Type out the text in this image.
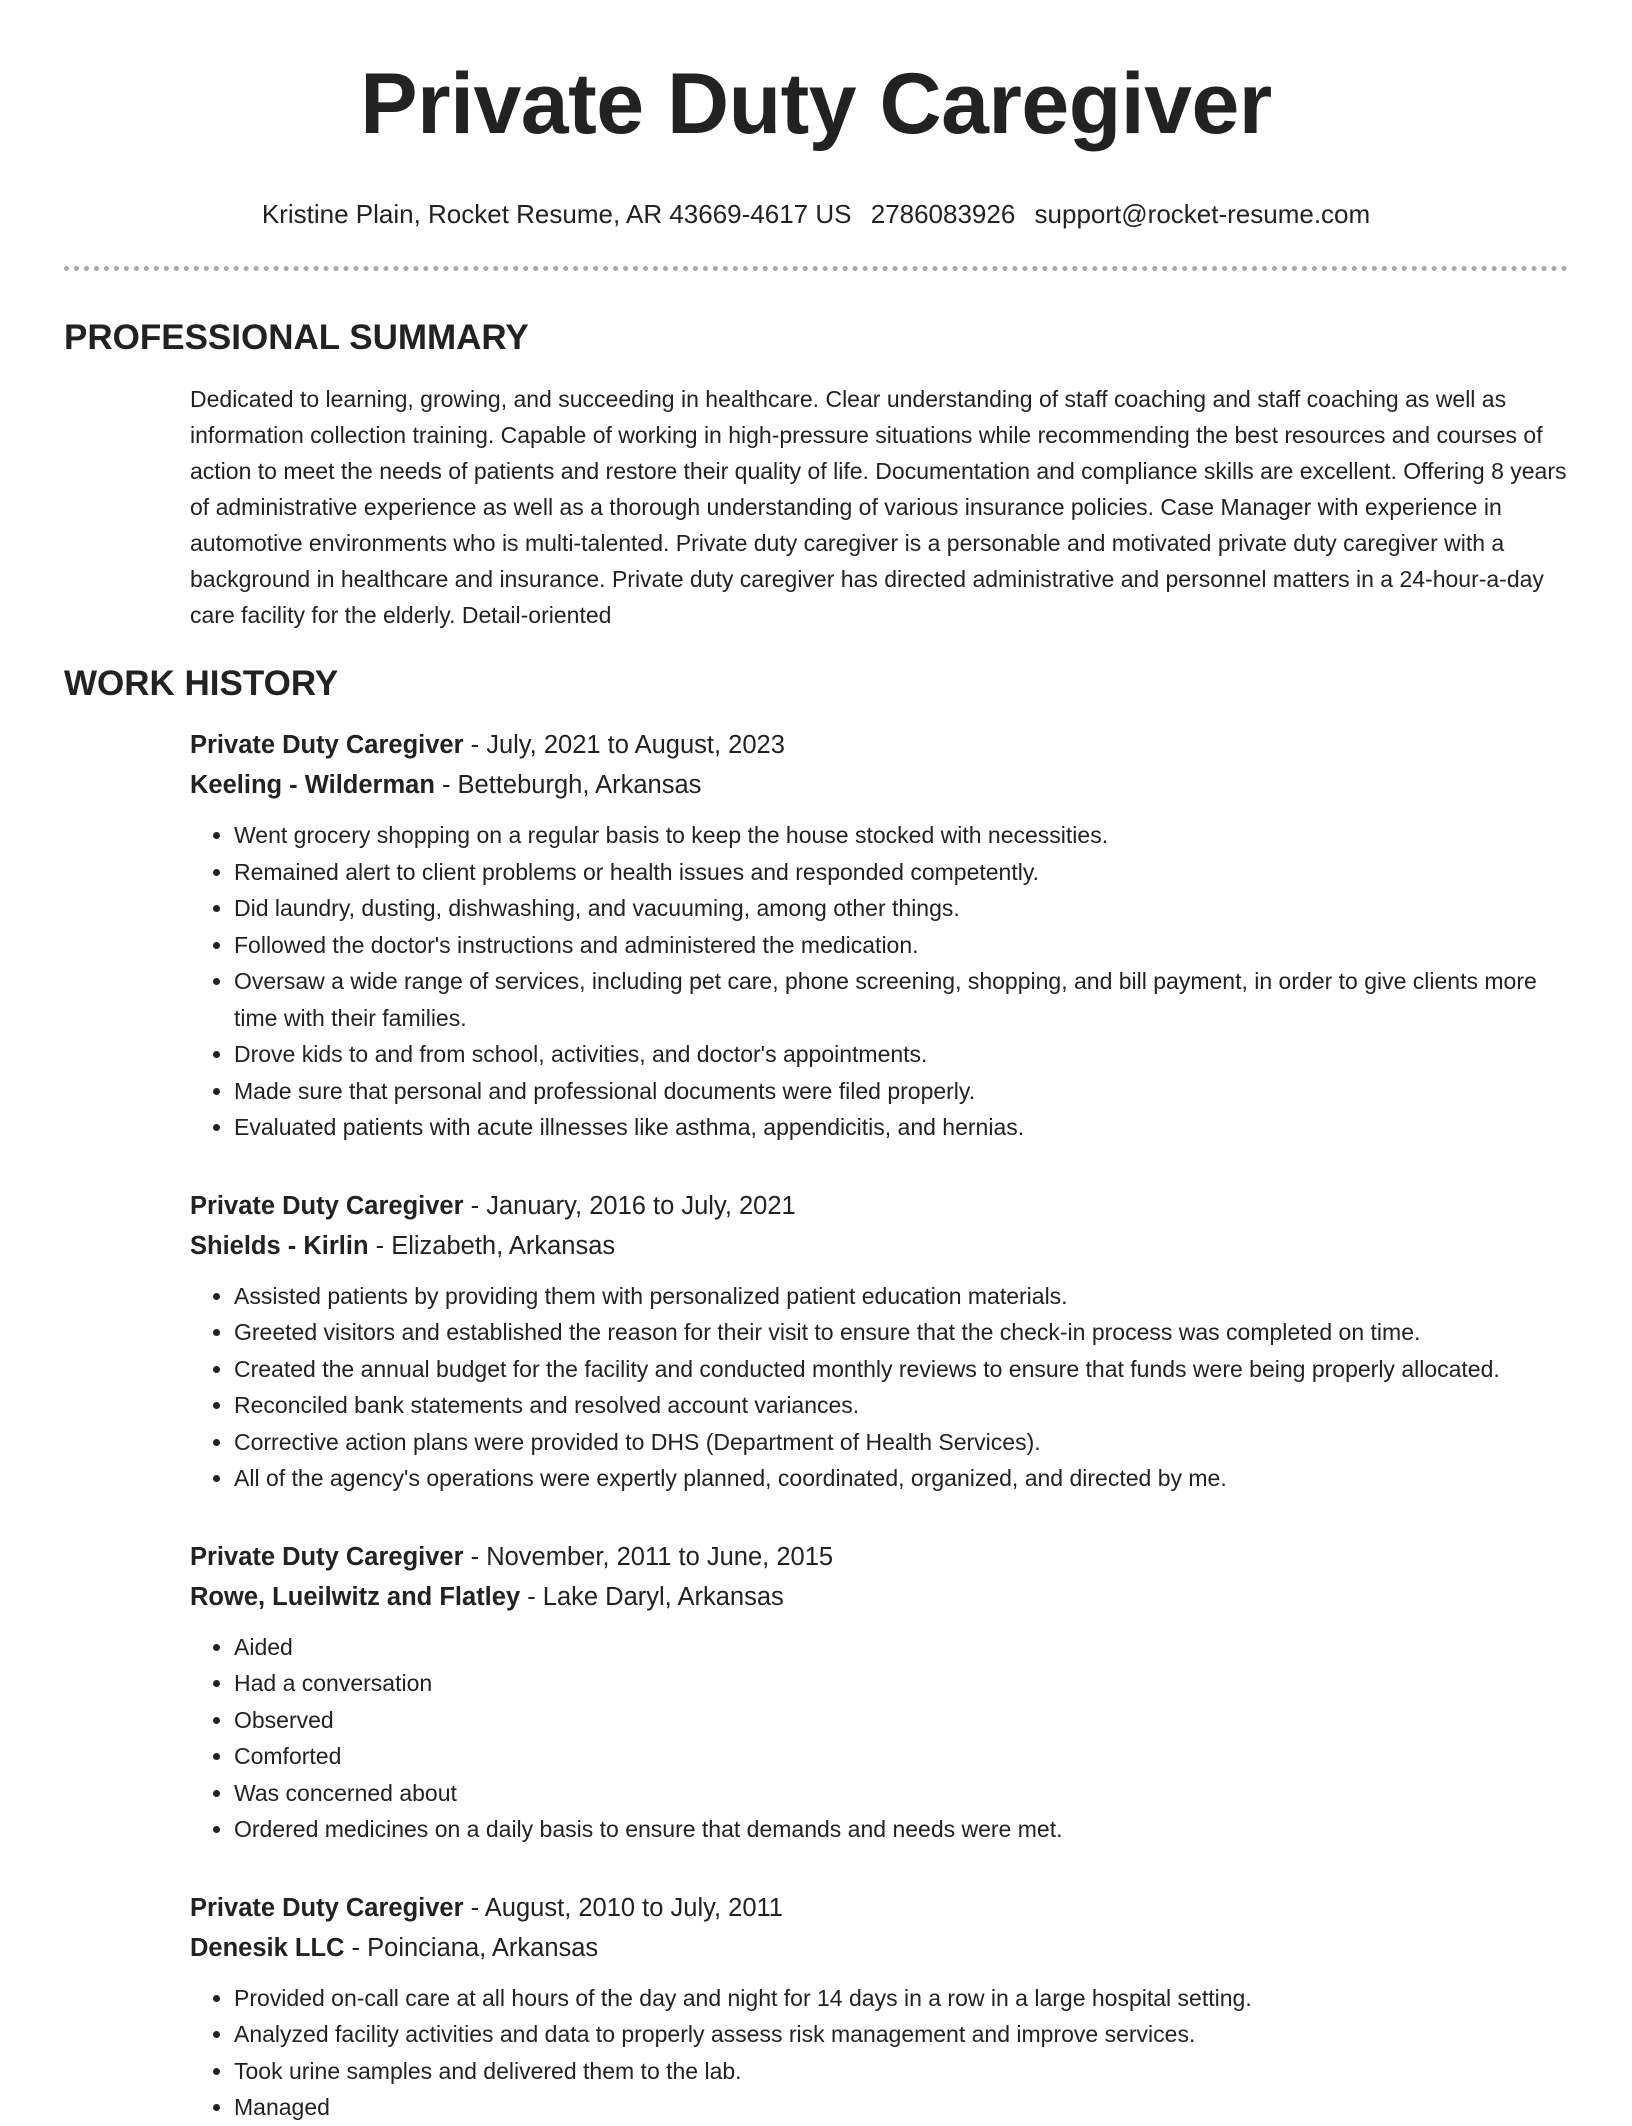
Private Duty Caregiver
Kristine Plain, Rocket Resume, AR 43669-4617 US 2786083926 support@rocket-resume.com
PROFESSIONAL SUMMARY
Dedicated to learning, growing, and succeeding in healthcare. Clear understanding of staff coaching and staff coaching as well as information collection training. Capable of working in high-pressure situations while recommending the best resources and courses of action to meet the needs of patients and restore their quality of life. Documentation and compliance skills are excellent. Offering 8 years of administrative experience as well as a thorough understanding of various insurance policies. Case Manager with experience in automotive environments who is multi-talented. Private duty caregiver is a personable and motivated private duty caregiver with a background in healthcare and insurance. Private duty caregiver has directed administrative and personnel matters in a 24-hour-a-day care facility for the elderly. Detail-oriented
WORK HISTORY
Private Duty Caregiver - July, 2021 to August, 2023
Keeling - Wilderman - Betteburgh, Arkansas
• Went grocery shopping on a regular basis to keep the house stocked with necessities.
• Remained alert to client problems or health issues and responded competently.
• Did laundry, dusting, dishwashing, and vacuuming, among other things.
• Followed the doctor's instructions and administered the medication.
• Oversaw a wide range of services, including pet care, phone screening, shopping, and bill payment, in order to give clients more time with their families.
• Drove kids to and from school, activities, and doctor's appointments.
• Made sure that personal and professional documents were filed properly.
• Evaluated patients with acute illnesses like asthma, appendicitis, and hernias.
Private Duty Caregiver - January, 2016 to July, 2021
Shields - Kirlin - Elizabeth, Arkansas
• Assisted patients by providing them with personalized patient education materials.
• Greeted visitors and established the reason for their visit to ensure that the check-in process was completed on time.
• Created the annual budget for the facility and conducted monthly reviews to ensure that funds were being properly allocated.
• Reconciled bank statements and resolved account variances.
• Corrective action plans were provided to DHS (Department of Health Services).
• All of the agency's operations were expertly planned, coordinated, organized, and directed by me.
Private Duty Caregiver - November, 2011 to June, 2015
Rowe, Lueilwitz and Flatley - Lake Daryl, Arkansas
• Aided
• Had a conversation
• Observed
• Comforted
• Was concerned about
• Ordered medicines on a daily basis to ensure that demands and needs were met.
Private Duty Caregiver - August, 2010 to July, 2011
Denesik LLC - Poinciana, Arkansas
• Provided on-call care at all hours of the day and night for 14 days in a row in a large hospital setting.
• Analyzed facility activities and data to properly assess risk management and improve services.
• Took urine samples and delivered them to the lab.
• Managed
